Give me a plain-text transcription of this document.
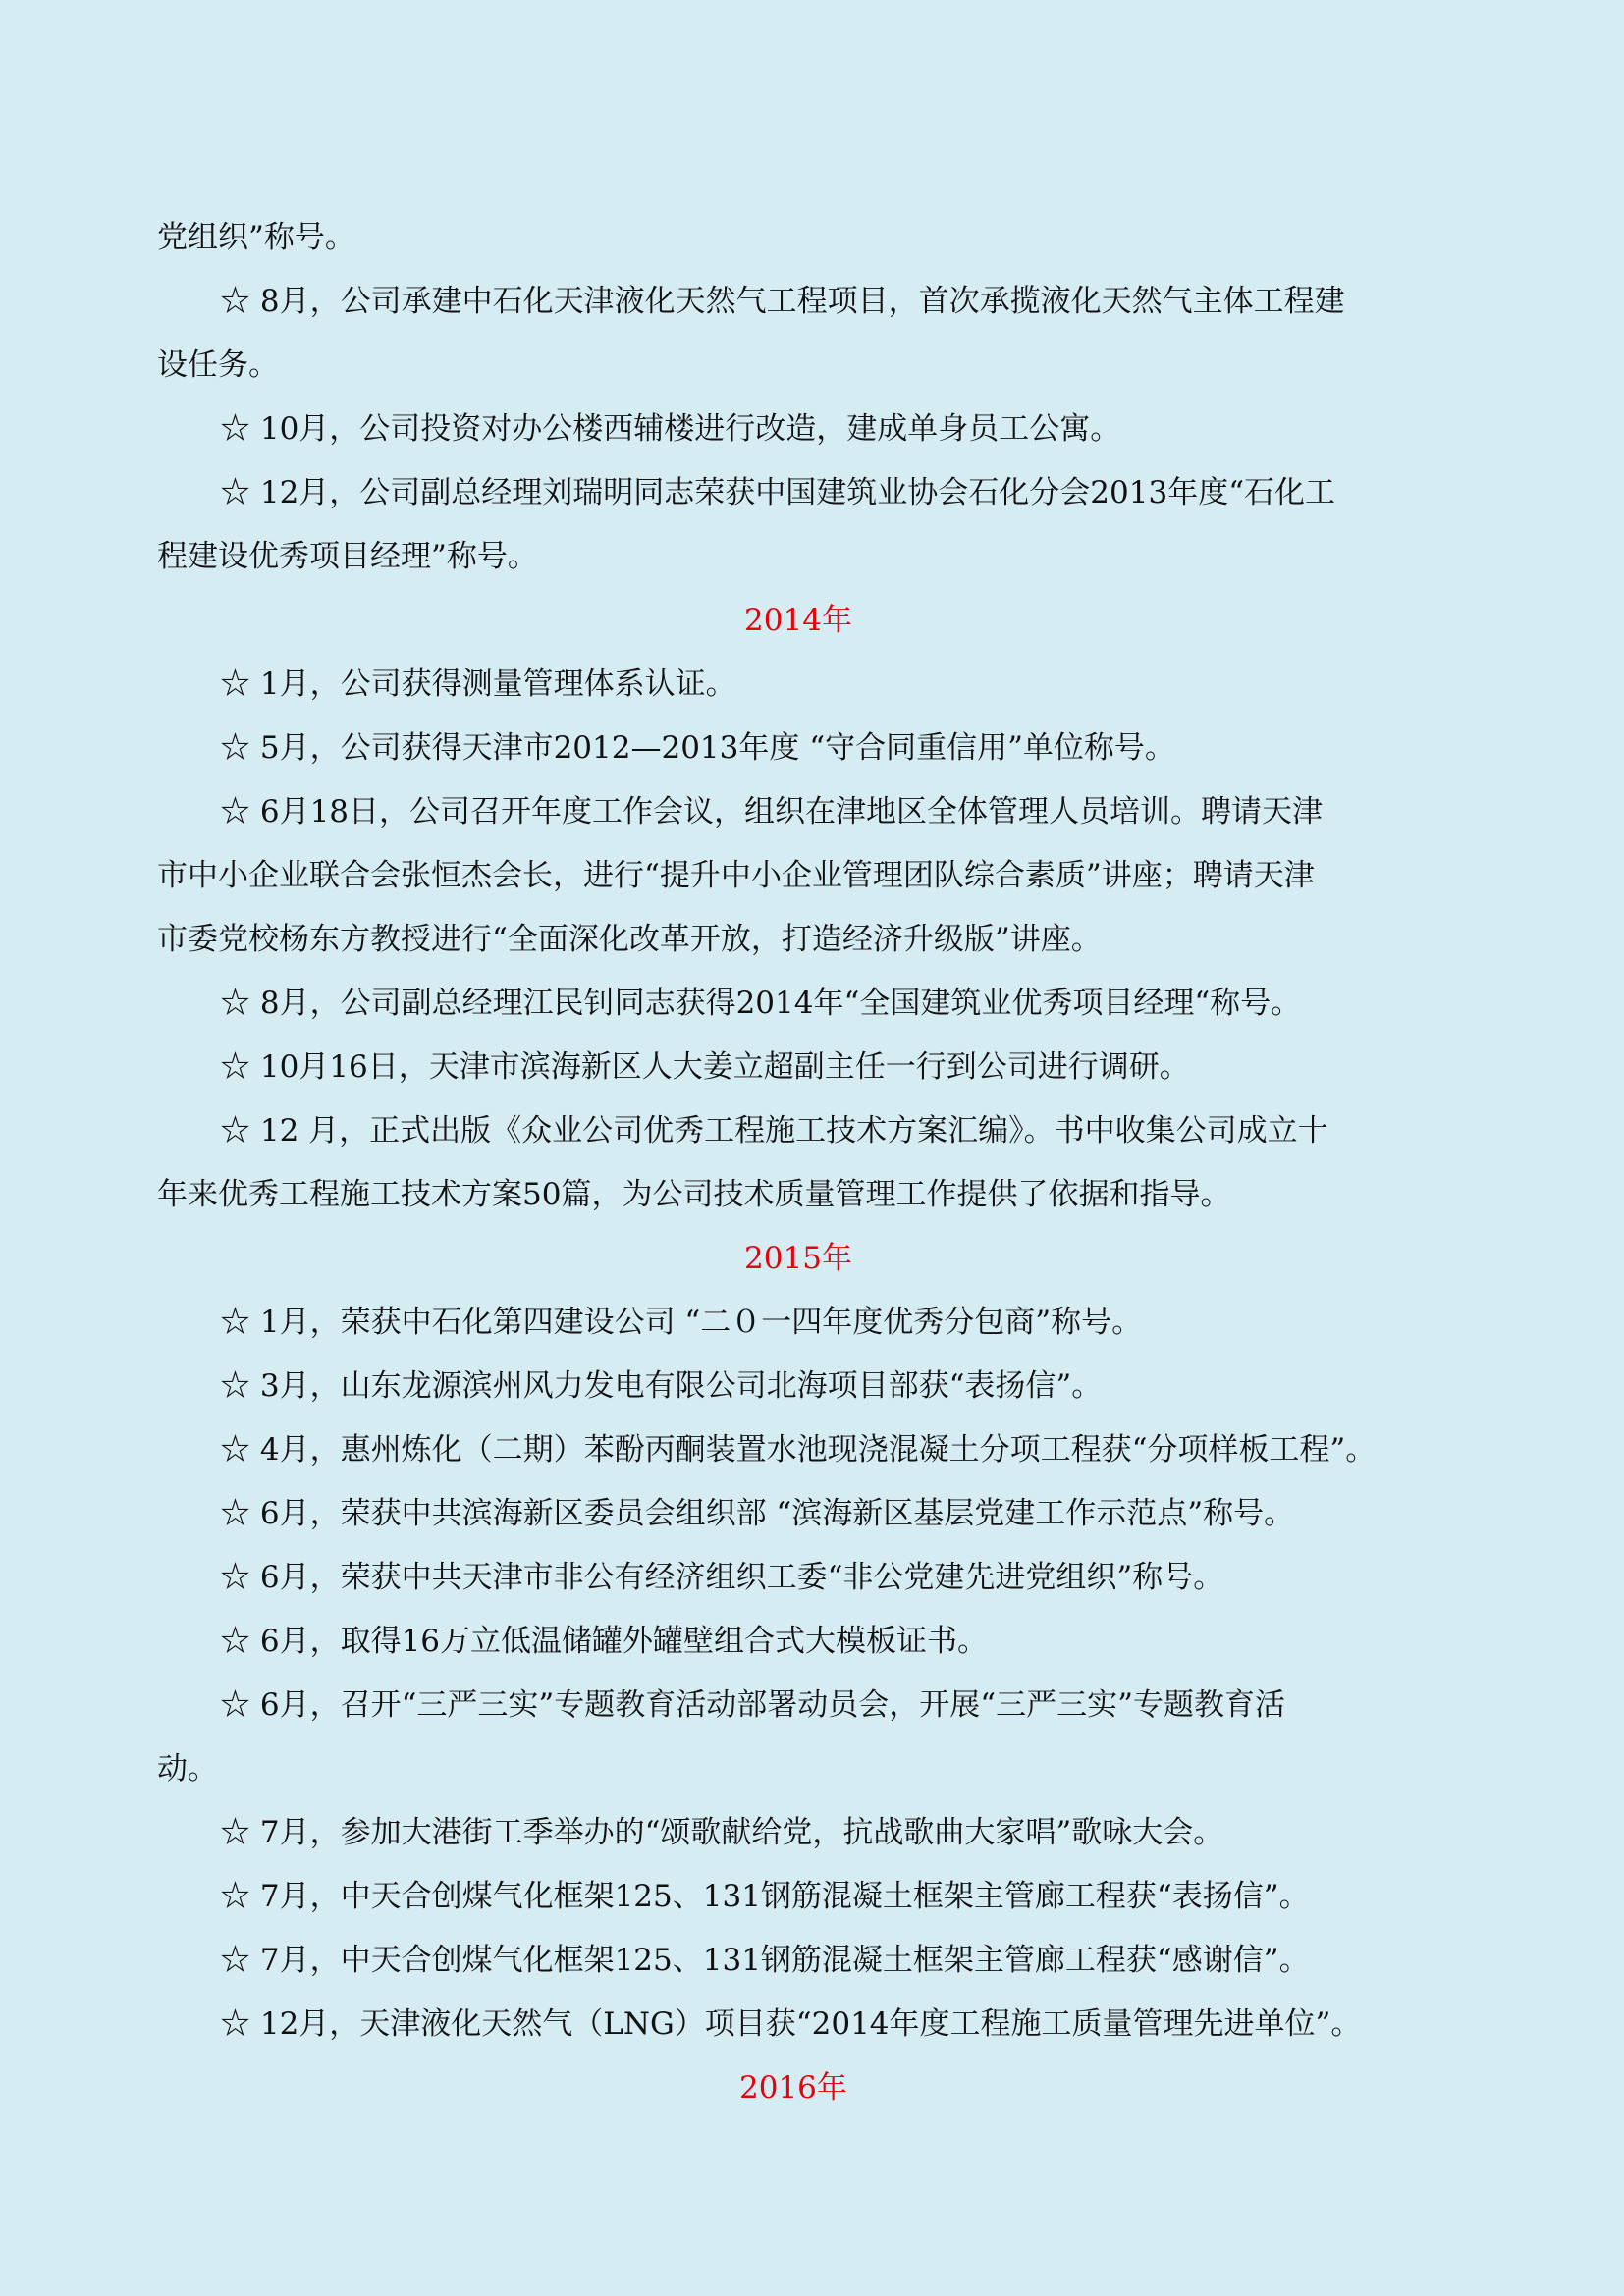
党组织”称号。
☆ 8月，公司承建中石化天津液化天然气工程项目，首次承揽液化天然气主体工程建
设任务。
☆ 10月，公司投资对办公楼西辅楼进行改造，建成单身员工公寓。
☆ 12月，公司副总经理刘瑞明同志荣获中国建筑业协会石化分会2013年度“石化工
程建设优秀项目经理”称号。
2014年
☆ 1月，公司获得测量管理体系认证。
☆ 5月，公司获得天津市2012—2013年度 “守合同重信用”单位称号。
☆ 6月18日，公司召开年度工作会议，组织在津地区全体管理人员培训。聘请天津
市中小企业联合会张恒杰会长，进行“提升中小企业管理团队综合素质”讲座；聘请天津
市委党校杨东方教授进行“全面深化改革开放，打造经济升级版”讲座。
☆ 8月，公司副总经理江民钊同志获得2014年“全国建筑业优秀项目经理“称号。
☆ 10月16日，天津市滨海新区人大姜立超副主任一行到公司进行调研。
☆ 12 月，正式出版《众业公司优秀工程施工技术方案汇编》。书中收集公司成立十
年来优秀工程施工技术方案50篇，为公司技术质量管理工作提供了依据和指导。
2015年
☆ 1月，荣获中石化第四建设公司 “二０一四年度优秀分包商”称号。
☆ 3月，山东龙源滨州风力发电有限公司北海项目部获“表扬信”。
☆ 4月，惠州炼化（二期）苯酚丙酮装置水池现浇混凝土分项工程获“分项样板工程”。
☆ 6月，荣获中共滨海新区委员会组织部 “滨海新区基层党建工作示范点”称号。
☆ 6月，荣获中共天津市非公有经济组织工委“非公党建先进党组织”称号。
☆ 6月，取得16万立低温储罐外罐壁组合式大模板证书。
☆ 6月，召开“三严三实”专题教育活动部署动员会，开展“三严三实”专题教育活
动。
☆ 7月，参加大港街工季举办的“颂歌献给党，抗战歌曲大家唱”歌咏大会。
☆ 7月，中天合创煤气化框架125、131钢筋混凝土框架主管廊工程获“表扬信”。
☆ 7月，中天合创煤气化框架125、131钢筋混凝土框架主管廊工程获“感谢信”。
☆ 12月，天津液化天然气（LNG）项目获“2014年度工程施工质量管理先进单位”。
2016年
